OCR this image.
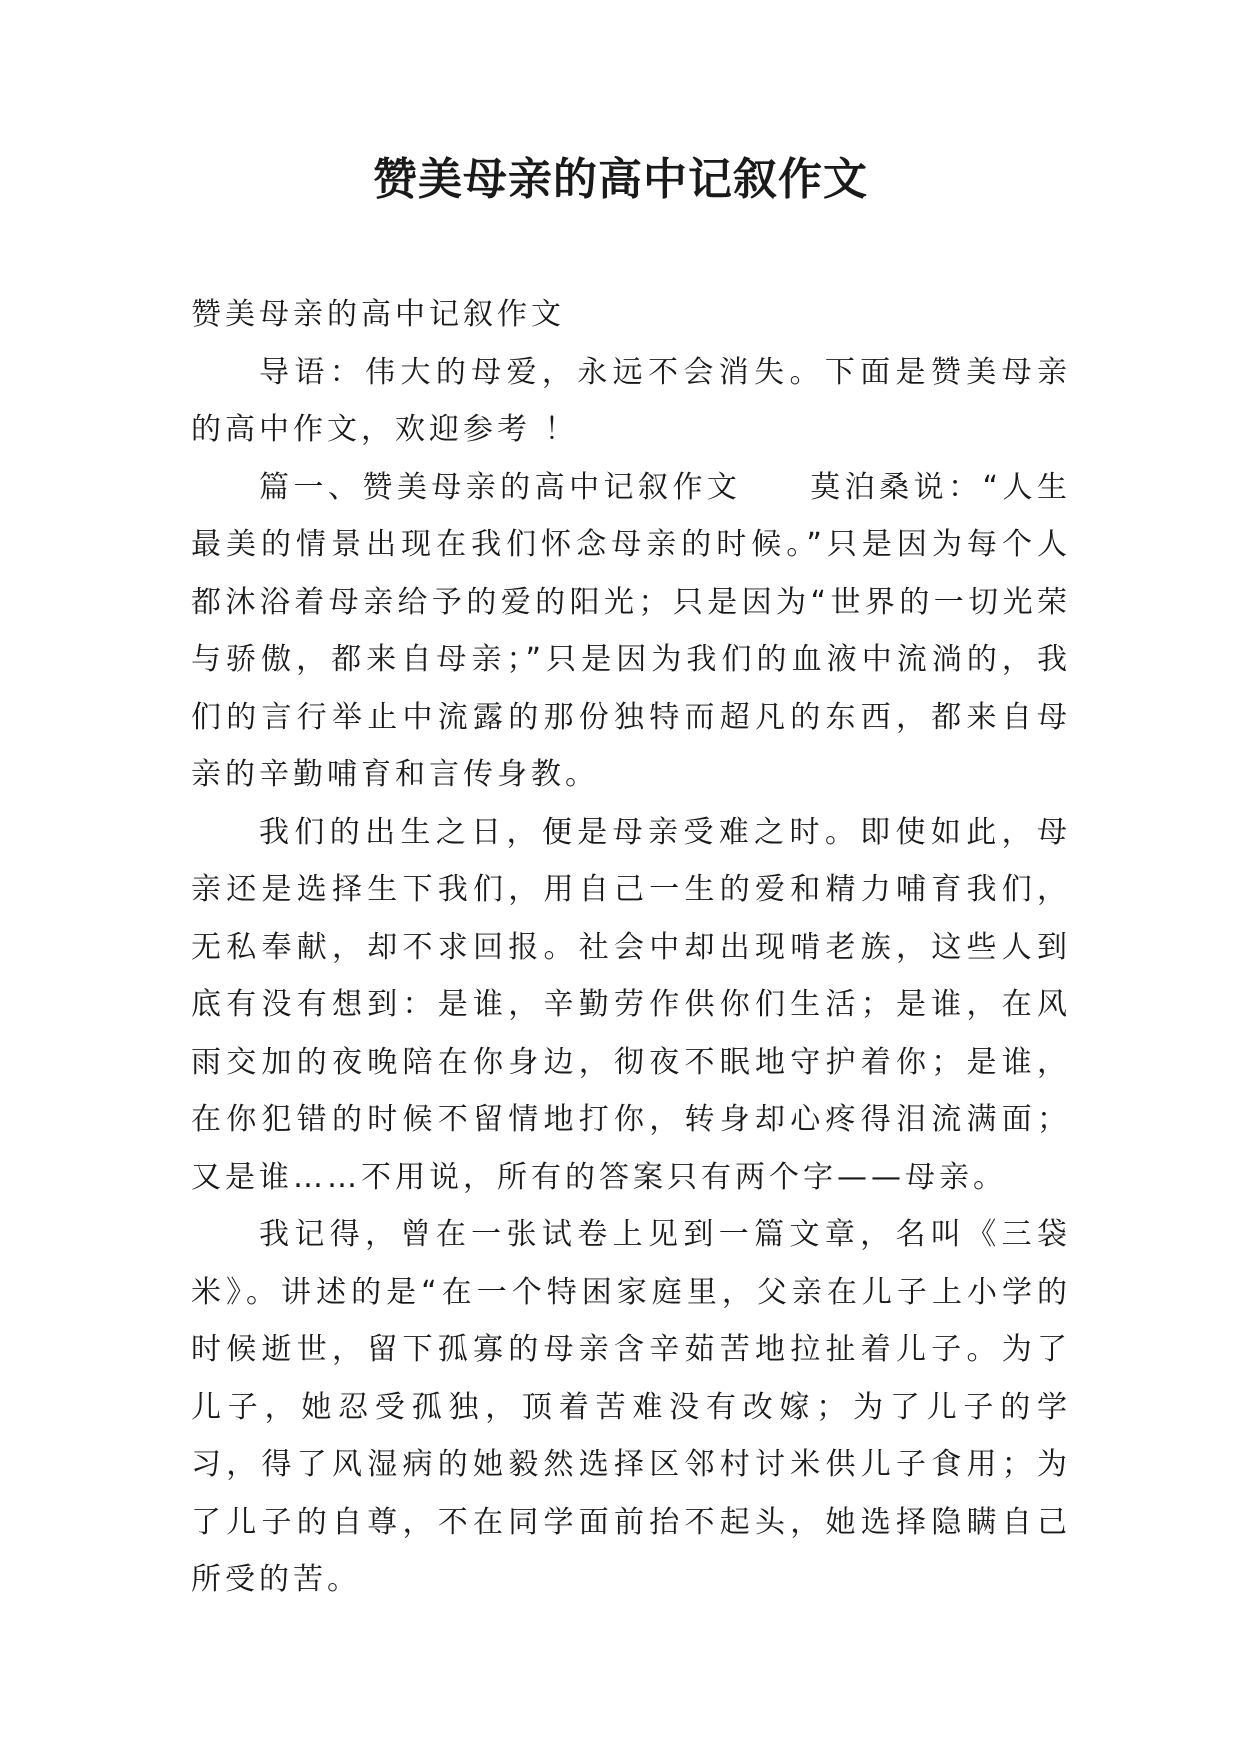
赞美母亲的高中记叙作文

赞美母亲的高中记叙作文

导语：伟大的母爱，永远不会消失。下面是赞美母亲的高中作文，欢迎参考 ！

篇一、赞美母亲的高中记叙作文　　莫泊桑说：“人生最美的情景出现在我们怀念母亲的时候。”只是因为每个人都沐浴着母亲给予的爱的阳光；只是因为“世界的一切光荣与骄傲，都来自母亲；”只是因为我们的血液中流淌的，我们的言行举止中流露的那份独特而超凡的东西，都来自母亲的辛勤哺育和言传身教。

我们的出生之日，便是母亲受难之时。即使如此，母亲还是选择生下我们，用自己一生的爱和精力哺育我们，无私奉献，却不求回报。社会中却出现啃老族，这些人到底有没有想到：是谁，辛勤劳作供你们生活；是谁，在风雨交加的夜晚陪在你身边，彻夜不眠地守护着你；是谁，在你犯错的时候不留情地打你，转身却心疼得泪流满面；又是谁……不用说，所有的答案只有两个字——母亲。

我记得，曾在一张试卷上见到一篇文章，名叫《三袋米》。讲述的是“在一个特困家庭里，父亲在儿子上小学的时候逝世，留下孤寡的母亲含辛茹苦地拉扯着儿子。为了儿子，她忍受孤独，顶着苦难没有改嫁；为了儿子的学习，得了风湿病的她毅然选择区邻村讨米供儿子食用；为了儿子的自尊，不在同学面前抬不起头，她选择隐瞒自己所受的苦。
